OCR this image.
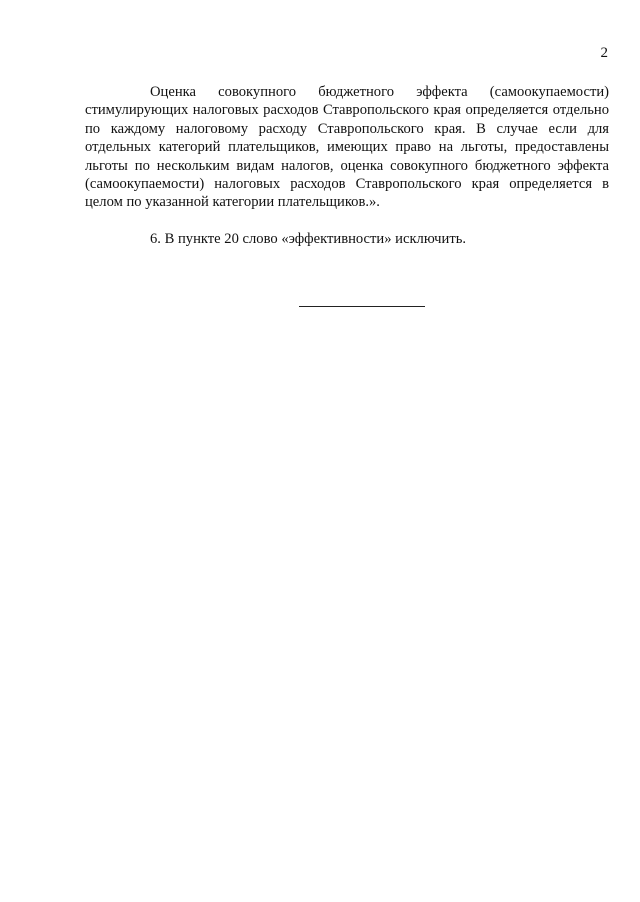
2

Оценка совокупного бюджетного эффекта (самоокупаемости) стимулирующих налоговых расходов Ставропольского края определяется отдельно по каждому налоговому расходу Ставропольского края. В случае если для отдельных категорий плательщиков, имеющих право на льготы, предоставлены льготы по нескольким видам налогов, оценка совокупного бюджетного эффекта (самоокупаемости) налоговых расходов Ставропольского края определяется в целом по указанной категории плательщиков.».

6. В пункте 20 слово «эффективности» исключить.
